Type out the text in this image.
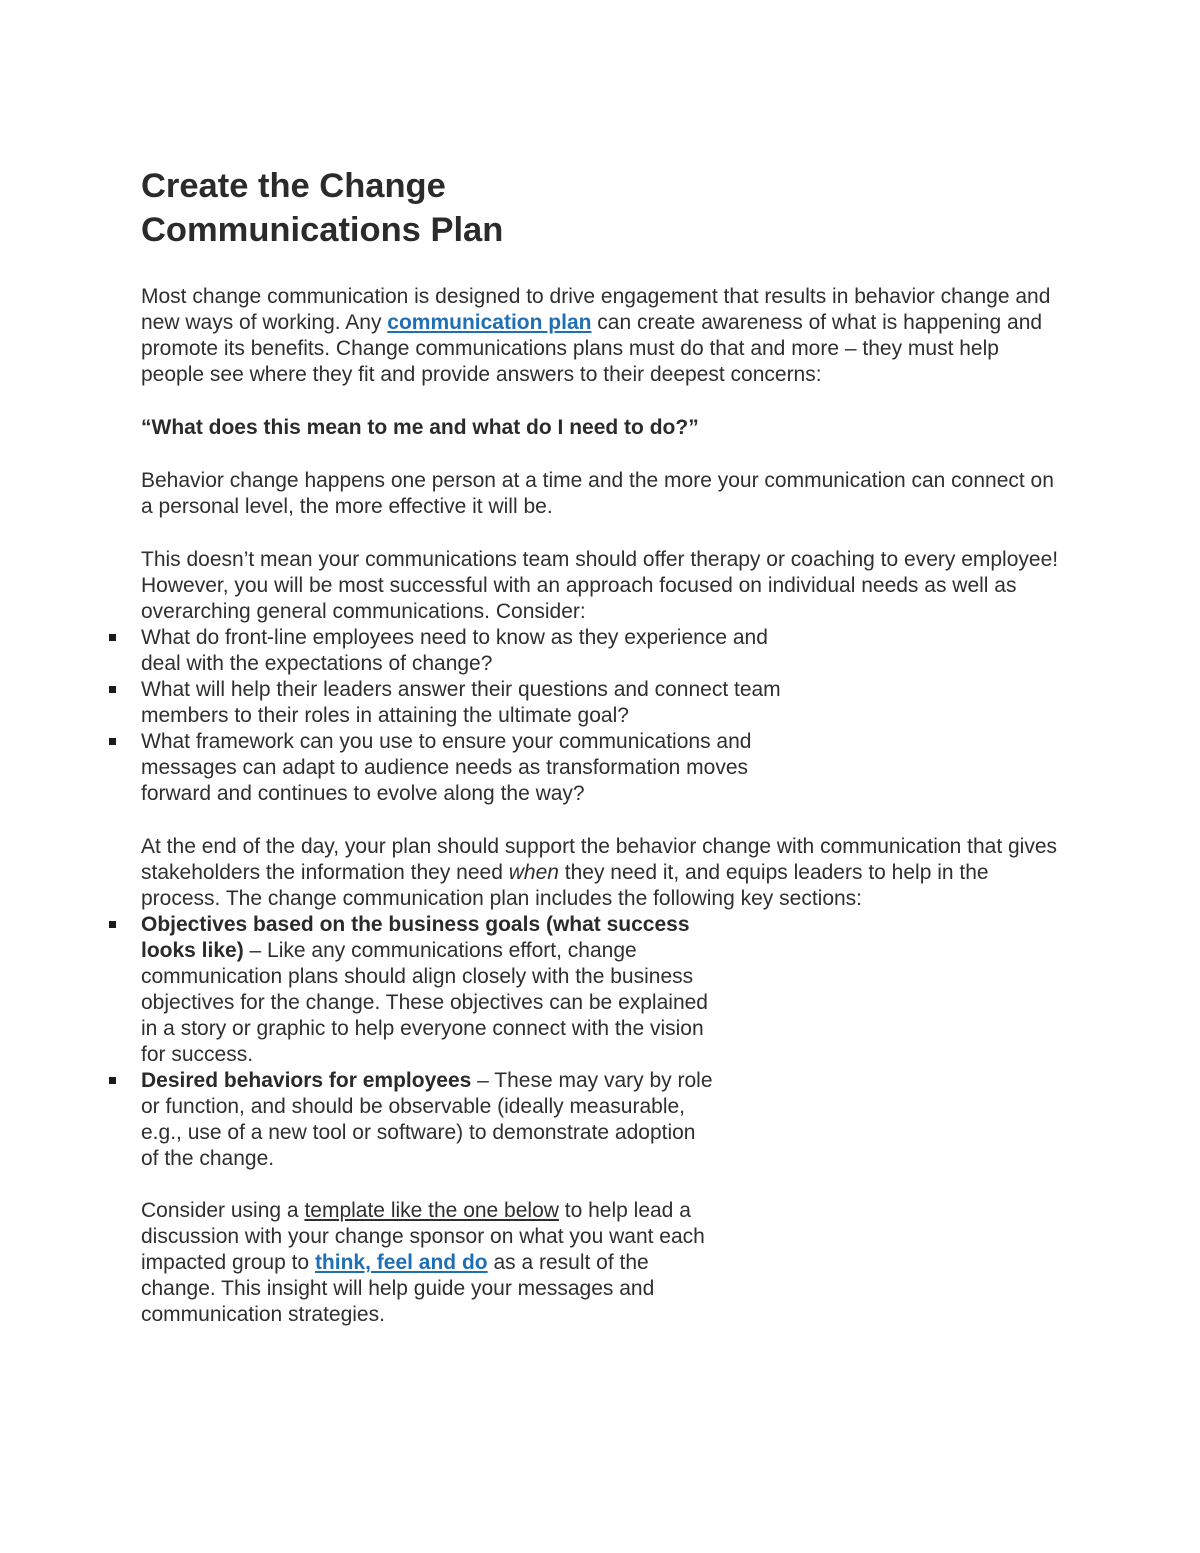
Create the Change
Communications Plan

Most change communication is designed to drive engagement that results in behavior change and new ways of working. Any communication plan can create awareness of what is happening and promote its benefits. Change communications plans must do that and more – they must help people see where they fit and provide answers to their deepest concerns:

“What does this mean to me and what do I need to do?”

Behavior change happens one person at a time and the more your communication can connect on a personal level, the more effective it will be.

This doesn’t mean your communications team should offer therapy or coaching to every employee! However, you will be most successful with an approach focused on individual needs as well as overarching general communications. Consider:

What do front-line employees need to know as they experience and deal with the expectations of change?
What will help their leaders answer their questions and connect team members to their roles in attaining the ultimate goal?
What framework can you use to ensure your communications and messages can adapt to audience needs as transformation moves forward and continues to evolve along the way?

At the end of the day, your plan should support the behavior change with communication that gives stakeholders the information they need when they need it, and equips leaders to help in the process. The change communication plan includes the following key sections:

Objectives based on the business goals (what success looks like) – Like any communications effort, change communication plans should align closely with the business objectives for the change. These objectives can be explained in a story or graphic to help everyone connect with the vision for success.
Desired behaviors for employees – These may vary by role or function, and should be observable (ideally measurable, e.g., use of a new tool or software) to demonstrate adoption of the change.
Consider using a template like the one below to help lead a discussion with your change sponsor on what you want each impacted group to think, feel and do as a result of the change. This insight will help guide your messages and communication strategies.
